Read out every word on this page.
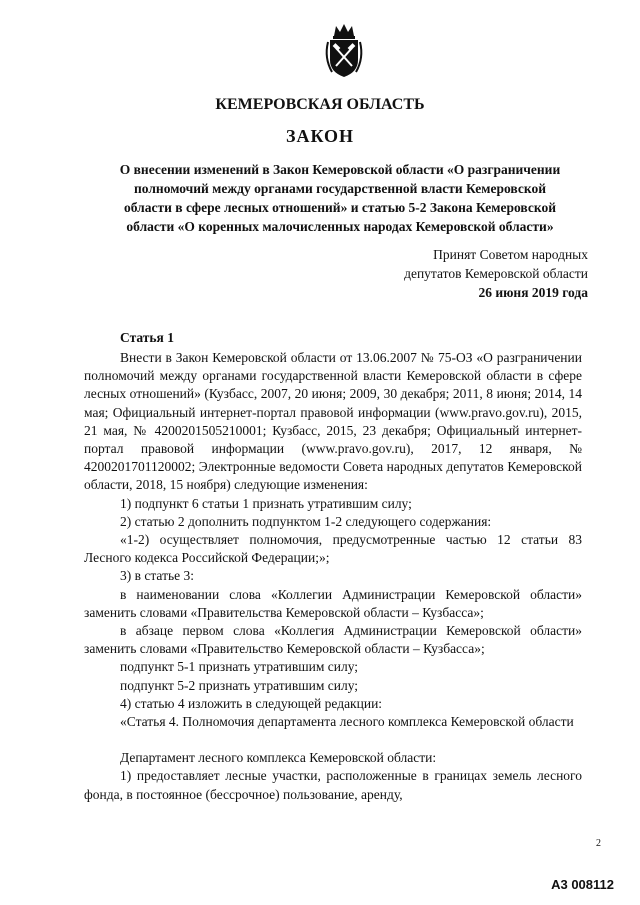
КЕМЕРОВСКАЯ ОБЛАСТЬ
ЗАКОН
О внесении изменений в Закон Кемеровской области «О разграничении
полномочий между органами государственной власти Кемеровской
области в сфере лесных отношений» и статью 5-2 Закона Кемеровской
области «О коренных малочисленных народах Кемеровской области»
Принят Советом народных
депутатов Кемеровской области
26 июня 2019 года
Статья 1

Внести в Закон Кемеровской области от 13.06.2007 № 75-ОЗ «О разграничении полномочий между органами государственной власти Кемеровской области в сфере лесных отношений» (Кузбасс, 2007, 20 июня; 2009, 30 декабря; 2011, 8 июня; 2014, 14 мая; Официальный интернет-портал правовой информации (www.pravo.gov.ru), 2015, 21 мая, № 4200201505210001; Кузбасс, 2015, 23 декабря; Официальный интернет-портал правовой информации (www.pravo.gov.ru), 2017, 12 января, № 4200201701120002; Электронные ведомости Совета народных депутатов Кемеровской области, 2018, 15 ноября) следующие изменения:

1) подпункт 6 статьи 1 признать утратившим силу;

2) статью 2 дополнить подпунктом 1-2 следующего содержания:

«1-2) осуществляет полномочия, предусмотренные частью 12 статьи 83 Лесного кодекса Российской Федерации;»;

3) в статье 3:

в наименовании слова «Коллегии Администрации Кемеровской области» заменить словами «Правительства Кемеровской области – Кузбасса»;

в абзаце первом слова «Коллегия Администрации Кемеровской области» заменить словами «Правительство Кемеровской области – Кузбасса»;

подпункт 5-1 признать утратившим силу;

подпункт 5-2 признать утратившим силу;

4) статью 4 изложить в следующей редакции:

«Статья 4. Полномочия департамента лесного комплекса Кемеровской области

Департамент лесного комплекса Кемеровской области:

1) предоставляет лесные участки, расположенные в границах земель лесного фонда, в постоянное (бессрочное) пользование, аренду,

2
А3 008112
